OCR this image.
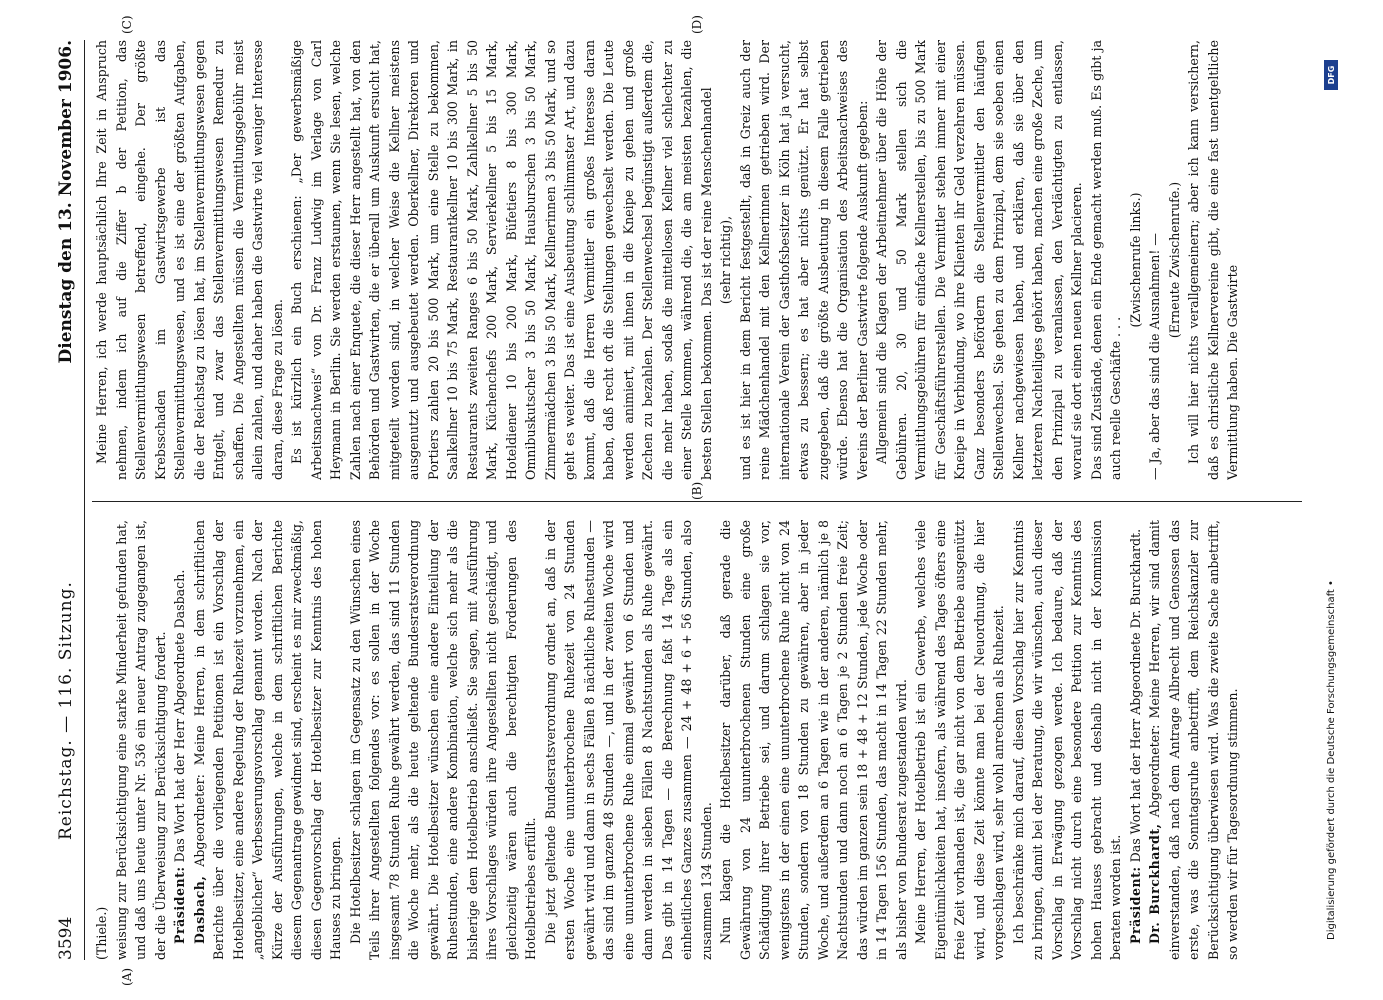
3594
Reichstag. — 116. Sitzung.
Dienstag den 13. November 1906.
(A)
(B)
(C)	(D)

(Thiele.) weisung zur Berücksichtigung eine starke Minderheit gefunden hat, und daß uns heute unter Nr. 536 ein neuer Antrag zugegangen ist, der die Überweisung zur Berücksichtigung fordert. Präsident: Das Wort hat der Herr Abgeordnete Dasbach.

Dasbach, Abgeordneter: Meine Herren, in dem schriftlichen Berichte über die vorliegenden Petitionen ist ein Vorschlag der Hotelbesitzer, eine andere Regelung der Ruhezeit vorzunehmen, ein „angeblicher“ Verbesserungsvorschlag genannt worden. Nach der Kürze der Ausführungen, welche in dem schriftlichen Berichte diesem Gegenantrage gewidmet sind, erscheint es mir zweckmäßig, diesen Gegenvorschlag der Hotelbesitzer zur Kenntnis des hohen Hauses zu bringen. Die Hotelbesitzer schlagen im Gegensatz zu den Wünschen eines Teils ihrer Angestellten folgendes vor: es sollen in der Woche insgesamt 78 Stunden Ruhe gewährt werden, das sind 11 Stunden die Woche mehr, als die heute geltende Bundesratsverordnung gewährt. Die Hotelbesitzer wünschen eine andere Einteilung der Ruhestunden, eine andere Kombination, welche sich mehr als die bisherige dem Hotelbetrieb anschließt. Sie sagen, mit Ausführung ihres Vorschlages würden ihre Angestellten nicht geschädigt, und gleichzeitig wären auch die berechtigten Forderungen des Hotelbetriebes erfüllt. Die jetzt geltende Bundesratsverordnung ordnet an, daß in der ersten Woche eine ununterbrochene Ruhezeit von 24 Stunden gewährt wird und dann in sechs Fällen 8 nächtliche Ruhestunden — das sind im ganzen 48 Stunden —, und in der zweiten Woche wird eine ununterbrochene Ruhe einmal gewährt von 6 Stunden und dann werden in sieben Fällen 8 Nachtstunden als Ruhe gewährt. Das gibt in 14 Tagen — die Berechnung faßt 14 Tage als ein einheitliches Ganzes zusammen — 24 + 48 + 6 + 56 Stunden, also zusammen 134 Stunden. Nun klagen die Hotelbesitzer darüber, daß gerade die Gewährung von 24 ununterbrochenen Stunden eine große Schädigung ihrer Betriebe sei, und darum schlagen sie vor, wenigstens in der einen eine ununterbrochene Ruhe nicht von 24 Stunden, sondern von 18 Stunden zu gewähren, aber in jeder Woche, und außerdem an 6 Tagen wie in der anderen, nämlich je 8 Nachtstunden und dann noch an 6 Tagen je 2 Stunden freie Zeit; das würden im ganzen sein 18 + 48 + 12 Stunden, jede Woche oder in 14 Tagen 156 Stunden, das macht in 14 Tagen 22 Stunden mehr, als bisher von Bundesrat zugestanden wird. Meine Herren, der Hotelbetrieb ist ein Gewerbe, welches viele Eigentümlichkeiten hat, insofern, als während des Tages öfters eine freie Zeit vorhanden ist, die gar nicht von dem Betriebe ausgenützt wird, und diese Zeit könnte man bei der Neuordnung, die hier vorgeschlagen wird, sehr wohl anrechnen als Ruhezeit. Ich beschränke mich darauf, diesen Vorschlag hier zur Kenntnis zu bringen, damit bei der Beratung, die wir wünschen, auch dieser Vorschlag in Erwägung gezogen werde. Ich bedaure, daß der Vorschlag nicht durch eine besondere Petition zur Kenntnis des hohen Hauses gebracht und deshalb nicht in der Kommission beraten worden ist. Präsident: Das Wort hat der Herr Abgeordnete Dr. Burckhardt.

Dr. Burckhardt, Abgeordneter: Meine Herren, wir sind damit einverstanden, daß nach dem Antrage Albrecht und Genossen das erste, was die Sonntagsruhe anbetrifft, dem Reichskanzler zur Berücksichtigung überwiesen wird. Was die zweite Sache anbetrifft, so werden wir für Tagesordnung stimmen.

Meine Herren, ich werde hauptsächlich Ihre Zeit in Anspruch nehmen, indem ich auf die Ziffer b der Petition, das Stellenvermittlungswesen betreffend, eingehe. Der größte Krebsschaden im Gastwirtsgewerbe ist das Stellenvermittlungswesen, und es ist eine der größten Aufgaben, die der Reichstag zu lösen hat, im Stellenvermittlungswesen gegen Entgelt, und zwar das Stellenvermittlungswesen Remedur zu schaffen. Die Angestellten müssen die Vermittlungsgebühr meist allein zahlen, und daher haben die Gastwirte viel weniger Interesse daran, diese Frage zu lösen. Es ist kürzlich ein Buch erschienen: „Der gewerbsmäßige Arbeitsnachweis“ von Dr. Franz Ludwig im Verlage von Carl Heymann in Berlin. Sie werden erstaunen, wenn Sie lesen, welche Zahlen nach einer Enquete, die dieser Herr angestellt hat, von den Behörden und Gastwirten, die er überall um Auskunft ersucht hat, mitgeteilt worden sind, in welcher Weise die Kellner meistens ausgenutzt und ausgebeutet werden. Oberkellner, Direktoren und Portiers zahlen 20 bis 500 Mark, um eine Stelle zu bekommen, Saalkellner 10 bis 75 Mark, Restaurantkellner 10 bis 300 Mark, in Restaurants zweiten Ranges 6 bis 50 Mark, Zahlkellner 5 bis 50 Mark, Küchenchefs 200 Mark, Servierkellner 5 bis 15 Mark, Hoteldiener 10 bis 200 Mark, Büfetiers 8 bis 300 Mark, Omnibuskutscher 3 bis 50 Mark, Hausburschen 3 bis 50 Mark, Zimmermädchen 3 bis 50 Mark, Kellnerinnen 3 bis 50 Mark, und so geht es weiter. Das ist eine Ausbeutung schlimmster Art, und dazu kommt, daß die Herren Vermittler ein großes Interesse daran haben, daß recht oft die Stellungen gewechselt werden. Die Leute werden animiert, mit ihnen in die Kneipe zu gehen und große Zechen zu bezahlen. Der Stellenwechsel begünstigt außerdem die, die mehr haben, sodaß die mittellosen Kellner viel schlechter zu einer Stelle kommen, während die, die am meisten bezahlen, die besten Stellen bekommen. Das ist der reine Menschenhandel (sehr richtig), und es ist hier in dem Bericht festgestellt, daß in Greiz auch der reine Mädchenhandel mit den Kellnerinnen getrieben wird. Der internationale Verein der Gasthofsbesitzer in Köln hat ja versucht, etwas zu bessern; es hat aber nichts genützt. Er hat selbst zugegeben, daß die größte Ausbeutung in diesem Falle getrieben würde. Ebenso hat die Organisation des Arbeitsnachweises des Vereins der Berliner Gastwirte folgende Auskunft gegeben: Allgemein sind die Klagen der Arbeitnehmer über die Höhe der Gebühren. 20, 30 und 50 Mark stellen sich die Vermittlungsgebühren für einfache Kellnerstellen, bis zu 500 Mark für Geschäftsführerstellen. Die Vermittler stehen immer mit einer Kneipe in Verbindung, wo ihre Klienten ihr Geld verzehren müssen. Ganz besonders befördern die Stellenvermittler den häufigen Stellenwechsel. Sie gehen zu dem Prinzipal, dem sie soeben einen Kellner nachgewiesen haben, und erklären, daß sie über den letzteren Nachteiliges gehört haben, machen eine große Zeche, um den Prinzipal zu veranlassen, den Verdächtigten zu entlassen, worauf sie dort einen neuen Kellner placieren. Das sind Zustände, denen ein Ende gemacht werden muß. Es gibt ja auch reelle Geschäfte . . .

(Zwischenrufe links.) — Ja, aber das sind die Ausnahmen! — (Erneute Zwischenrufe.) Ich will hier nichts verallgemeinern; aber ich kann versichern, daß es christliche Kellnervereine gibt, die eine fast unentgeltliche Vermittlung haben. Die Gastwirte

Digitalisierung gefördert durch die Deutsche Forschungsgemeinschaft •
DFG
